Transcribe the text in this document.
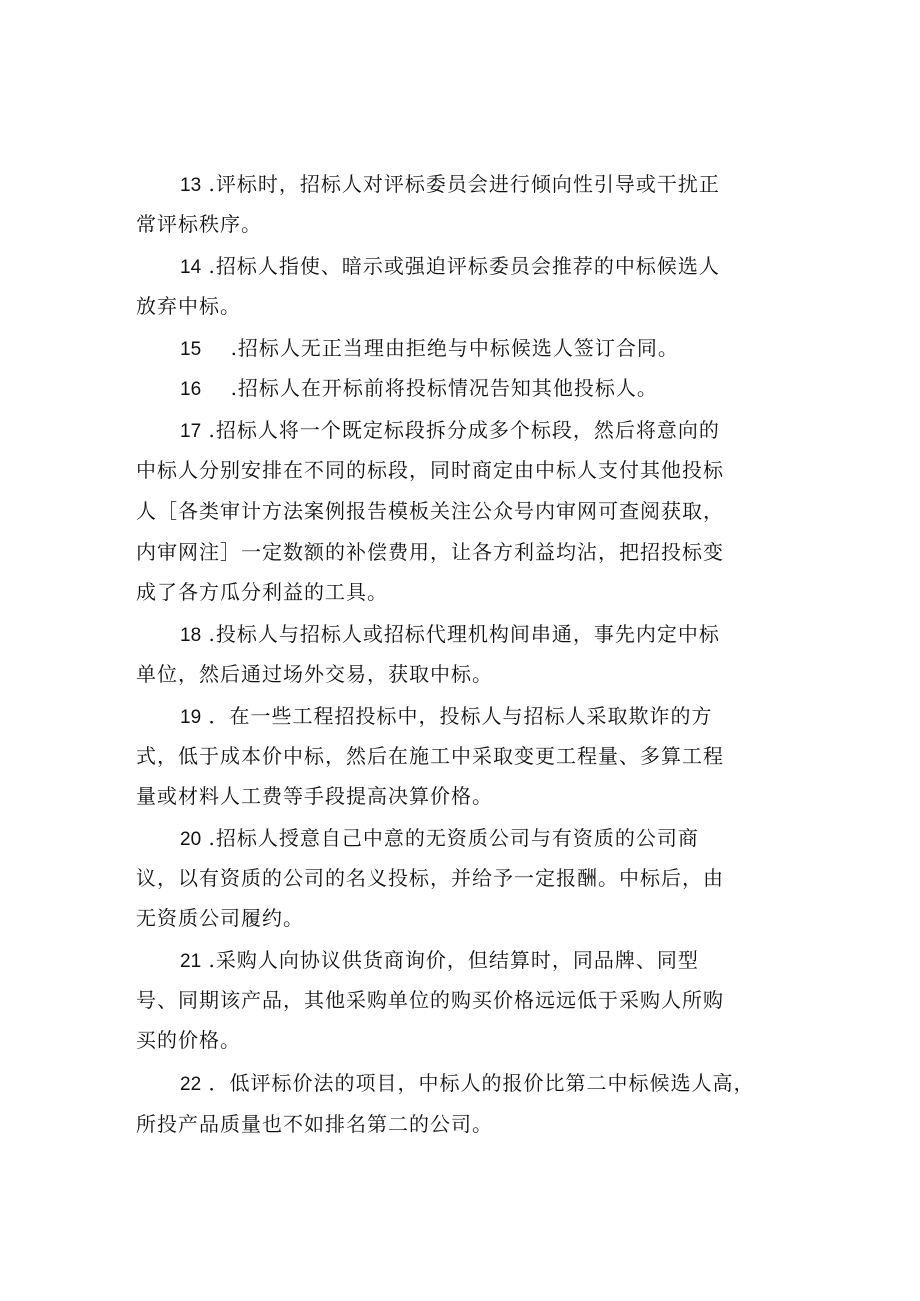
13 .评标时，招标人对评标委员会进行倾向性引导或干扰正
常评标秩序。
14 .招标人指使、暗示或强迫评标委员会推荐的中标候选人
放弃中标。
15    .招标人无正当理由拒绝与中标候选人签订合同。
16    .招标人在开标前将投标情况告知其他投标人。
17 .招标人将一个既定标段拆分成多个标段，然后将意向的
中标人分别安排在不同的标段，同时商定由中标人支付其他投标
人［各类审计方法案例报告模板关注公众号内审网可查阅获取，
内审网注］一定数额的补偿费用，让各方利益均沾，把招投标变
成了各方瓜分利益的工具。
18 .投标人与招标人或招标代理机构间串通，事先内定中标
单位，然后通过场外交易，获取中标。
19 ．在一些工程招投标中，投标人与招标人采取欺诈的方
式，低于成本价中标，然后在施工中采取变更工程量、多算工程
量或材料人工费等手段提高决算价格。
20 .招标人授意自己中意的无资质公司与有资质的公司商
议，以有资质的公司的名义投标，并给予一定报酬。中标后，由
无资质公司履约。
21 .采购人向协议供货商询价，但结算时，同品牌、同型
号、同期该产品，其他采购单位的购买价格远远低于采购人所购
买的价格。
22 ．低评标价法的项目，中标人的报价比第二中标候选人高，
所投产品质量也不如排名第二的公司。
